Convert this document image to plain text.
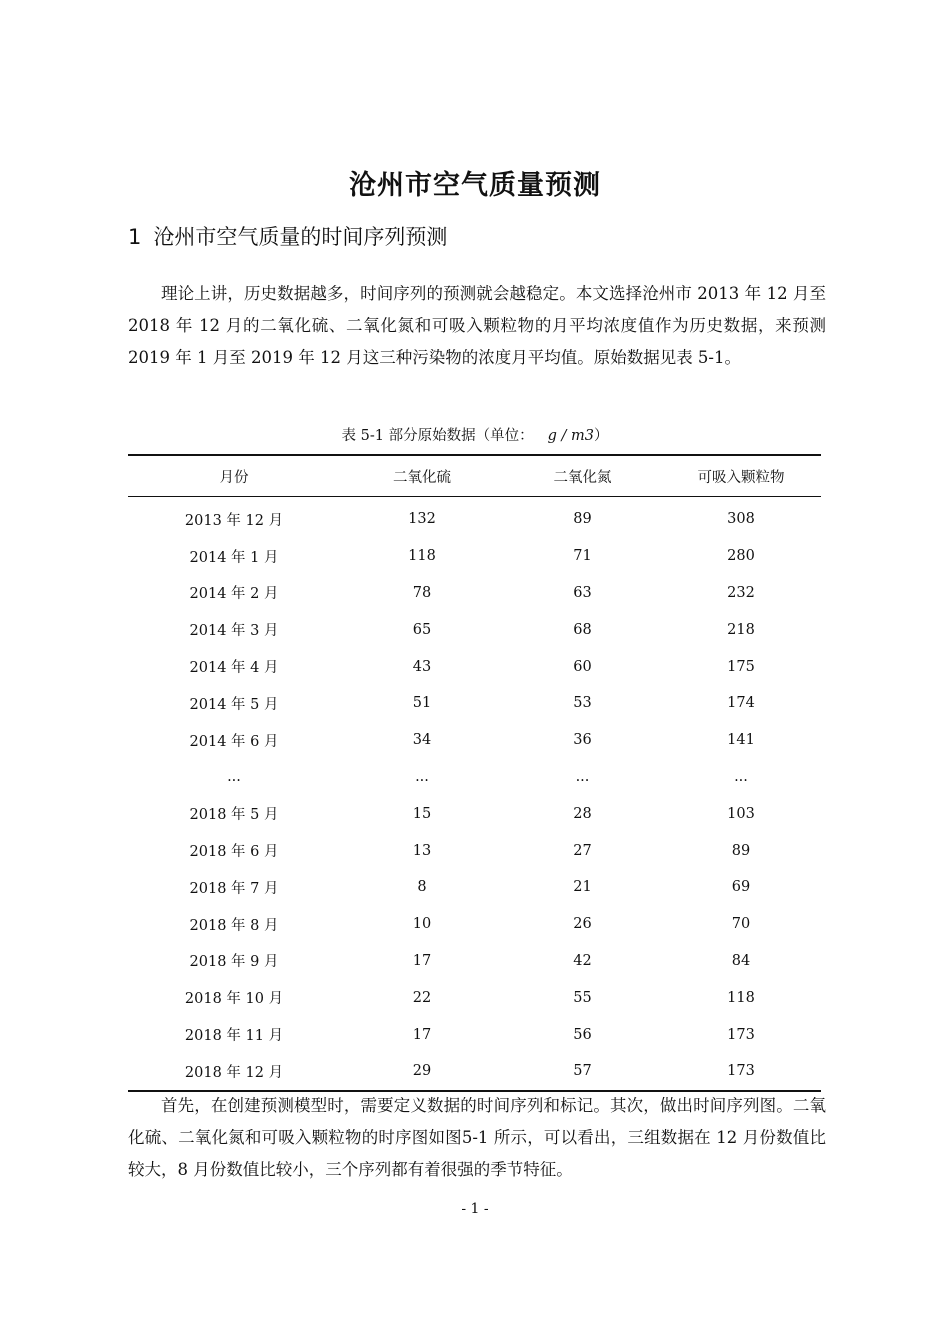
沧州市空气质量预测
1 沧州市空气质量的时间序列预测

理论上讲，历史数据越多，时间序列的预测就会越稳定。本文选择沧州市 2013 年 12 月至 2018 年 12 月的二氧化硫、二氧化氮和可吸入颗粒物的月平均浓度值作为历史数据，来预测 2019 年 1 月至 2019 年 12 月这三种污染物的浓度月平均值。原始数据见表 5-1。

表 5-1 部分原始数据（单位： g / m3）
月份	二氧化硫	二氧化氮	可吸入颗粒物
2013 年 12 月	132	89	308
2014 年 1 月	118	71	280
2014 年 2 月	78	63	232
2014 年 3 月	65	68	218
2014 年 4 月	43	60	175
2014 年 5 月	51	53	174
2014 年 6 月	34	36	141
...	...	...	...
2018 年 5 月	15	28	103
2018 年 6 月	13	27	89
2018 年 7 月	8	21	69
2018 年 8 月	10	26	70
2018 年 9 月	17	42	84
2018 年 10 月	22	55	118
2018 年 11 月	17	56	173
2018 年 12 月	29	57	173

首先，在创建预测模型时，需要定义数据的时间序列和标记。其次，做出时间序列图。二氧化硫、二氧化氮和可吸入颗粒物的时序图如图5-1 所示，可以看出，三组数据在 12 月份数值比较大，8 月份数值比较小，三个序列都有着很强的季节特征。

- 1 -
